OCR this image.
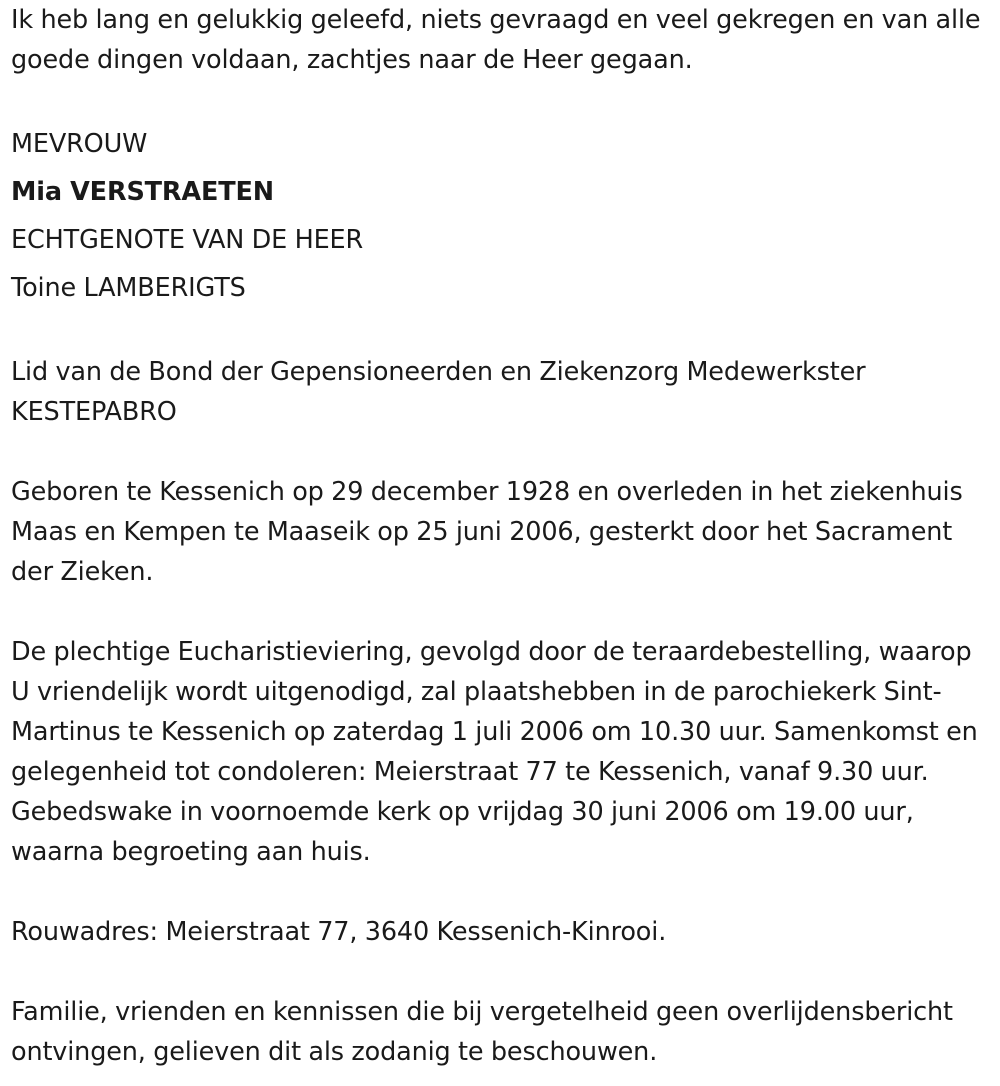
Ik heb lang en gelukkig geleefd, niets gevraagd en veel gekregen en van alle goede dingen voldaan, zachtjes naar de Heer gegaan.

MEVROUW

Mia VERSTRAETEN

ECHTGENOTE VAN DE HEER

Toine LAMBERIGTS

Lid van de Bond der Gepensioneerden en Ziekenzorg Medewerkster KESTEPABRO

Geboren te Kessenich op 29 december 1928 en overleden in het ziekenhuis Maas en Kempen te Maaseik op 25 juni 2006, gesterkt door het Sacrament der Zieken.

De plechtige Eucharistieviering, gevolgd door de teraardebestelling, waarop U vriendelijk wordt uitgenodigd, zal plaatshebben in de parochiekerk Sint-Martinus te Kessenich op zaterdag 1 juli 2006 om 10.30 uur. Samenkomst en gelegenheid tot condoleren: Meierstraat 77 te Kessenich, vanaf 9.30 uur. Gebedswake in voornoemde kerk op vrijdag 30 juni 2006 om 19.00 uur, waarna begroeting aan huis.

Rouwadres: Meierstraat 77, 3640 Kessenich-Kinrooi.

Familie, vrienden en kennissen die bij vergetelheid geen overlijdensbericht ontvingen, gelieven dit als zodanig te beschouwen.
